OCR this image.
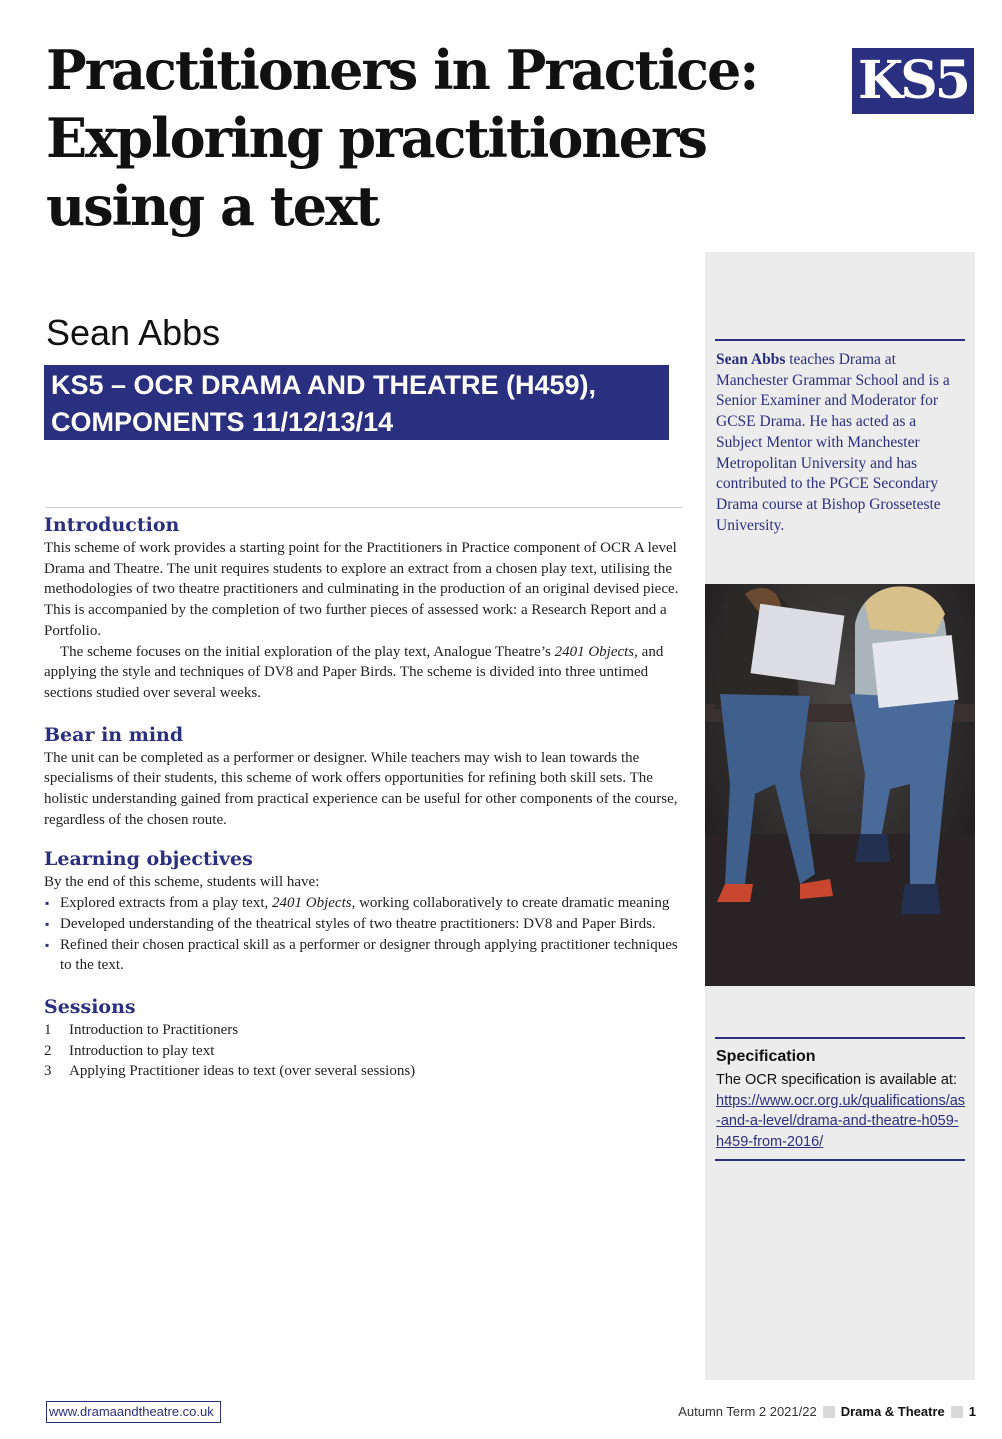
Practitioners in Practice:
Exploring practitioners
using a text
KS5
Sean Abbs teaches Drama at Manchester Grammar School and is a Senior Examiner and Moderator for GCSE Drama. He has acted as a Subject Mentor with Manchester Metropolitan University and has contributed to the PGCE Secondary Drama course at Bishop Grosseteste University.
Specification
The OCR specification is available at:
https://www.ocr.org.uk/qualifications/as-and-a-level/drama-and-theatre-h059-h459-from-2016/
Sean Abbs
KS5 – OCR DRAMA AND THEATRE (H459),
COMPONENTS 11/12/13/14
Introduction

This scheme of work provides a starting point for the Practitioners in Practice component of OCR A level Drama and Theatre. The unit requires students to explore an extract from a chosen play text, utilising the methodologies of two theatre practitioners and culminating in the production of an original devised piece. This is accompanied by the completion of two further pieces of assessed work: a Research Report and a Portfolio.

The scheme focuses on the initial exploration of the play text, Analogue Theatre’s 2401 Objects, and applying the style and techniques of DV8 and Paper Birds. The scheme is divided into three untimed sections studied over several weeks.

Bear in mind

The unit can be completed as a performer or designer. While teachers may wish to lean towards the specialisms of their students, this scheme of work offers opportunities for refining both skill sets. The holistic understanding gained from practical experience can be useful for other components of the course, regardless of the chosen route.

Learning objectives

By the end of this scheme, students will have:

▪ Explored extracts from a play text, 2401 Objects, working collaboratively to create dramatic meaning
▪ Developed understanding of the theatrical styles of two theatre practitioners: DV8 and Paper Birds.
▪ Refined their chosen practical skill as a performer or designer through applying practitioner techniques to the text.
Sessions
1 Introduction to Practitioners
2 Introduction to play text
3 Applying Practitioner ideas to text (over several sessions)
www.dramaandtheatre.co.uk	Autumn Term 2 2021/22 Drama & Theatre 1
